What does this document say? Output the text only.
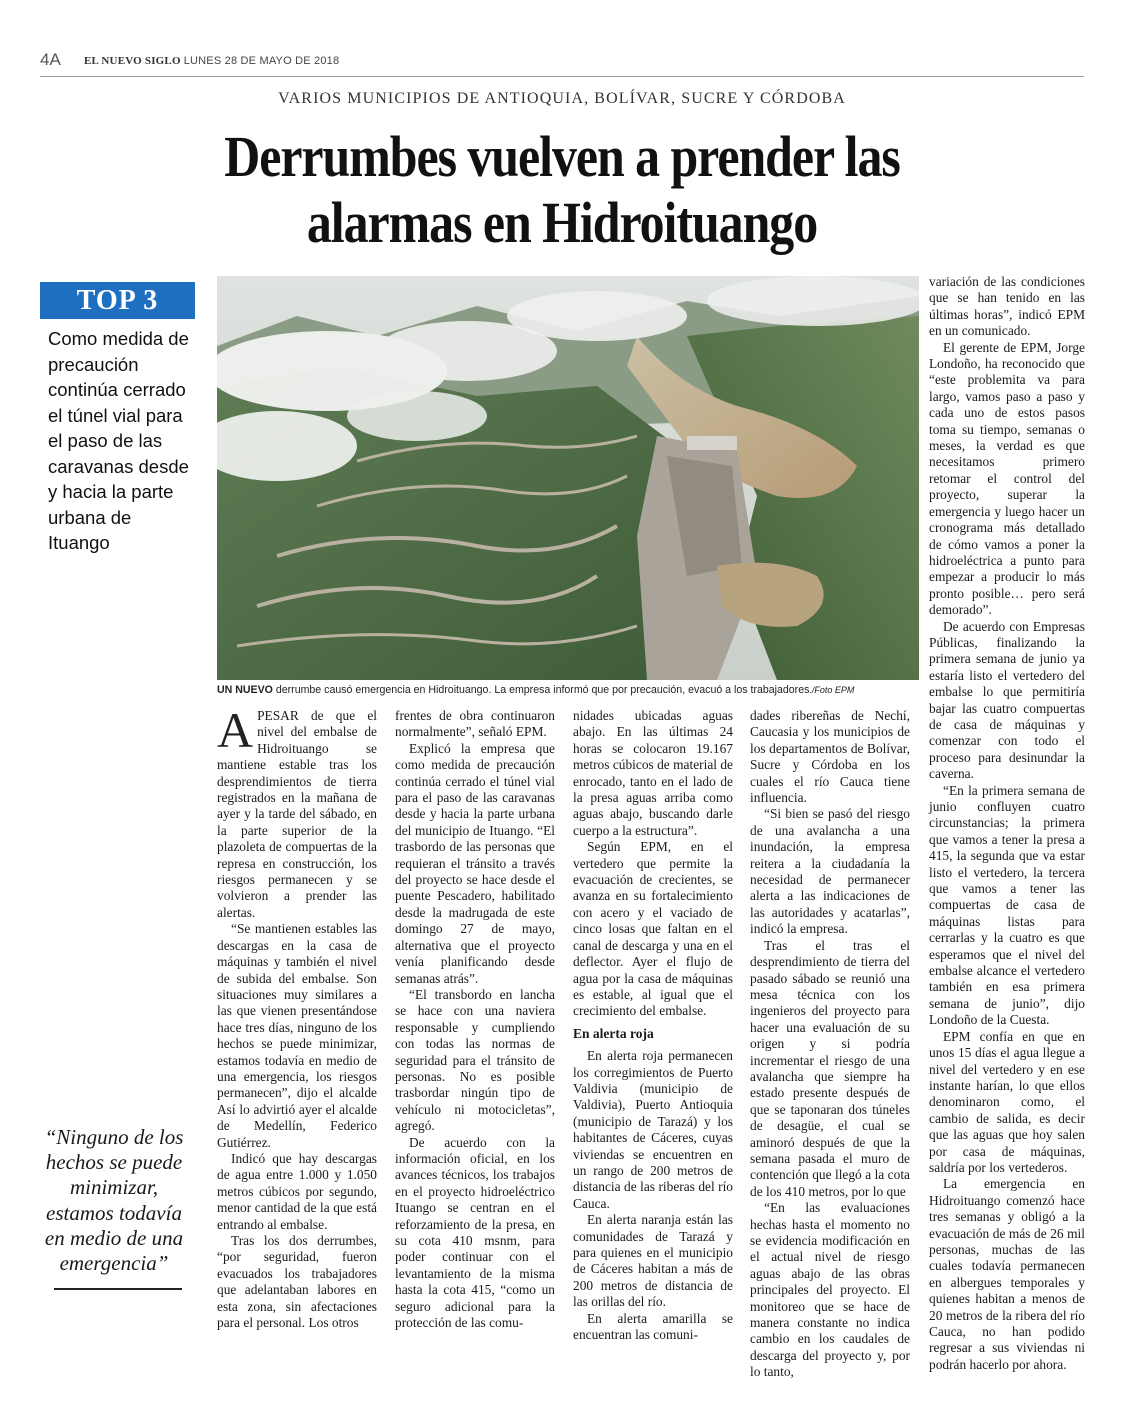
4A EL NUEVO SIGLO LUNES 28 DE MAYO DE 2018
VARIOS MUNICIPIOS DE ANTIOQUIA, BOLÍVAR, SUCRE Y CÓRDOBA
Derrumbes vuelven a prender las
alarmas en Hidroituango
TOP 3
Como medida de precaución continúa cerrado el túnel vial para el paso de las caravanas desde y hacia la parte urbana de Ituango
UN NUEVO derrumbe causó emergencia en Hidroituango. La empresa informó que por precaución, evacuó a los trabajadores./Foto EPM

APESAR de que el nivel del embalse de Hidroituango se mantiene estable tras los desprendimientos de tierra registrados en la mañana de ayer y la tarde del sábado, en la parte superior de la plazoleta de compuertas de la represa en construcción, los riesgos permanecen y se volvieron a prender las alertas.

“Se mantienen estables las descargas en la casa de máquinas y también el nivel de subida del embalse. Son situaciones muy similares a las que vienen presentándose hace tres días, ninguno de los hechos se puede minimizar, estamos todavía en medio de una emergencia, los riesgos permanecen”, dijo el alcalde Así lo advirtió ayer el alcalde de Medellín, Federico Gutiérrez.

Indicó que hay descargas de agua entre 1.000 y 1.050 metros cúbicos por segundo, menor cantidad de la que está entrando al embalse.

Tras los dos derrumbes, “por seguridad, fueron evacuados los trabajadores que adelantaban labores en esta zona, sin afectaciones para el personal. Los otros

frentes de obra continuaron normalmente”, señaló EPM.

Explicó la empresa que como medida de precaución continúa cerrado el túnel vial para el paso de las caravanas desde y hacia la parte urbana del municipio de Ituango. “El trasbordo de las personas que requieran el tránsito a través del proyecto se hace desde el puente Pescadero, habilitado desde la madrugada de este domingo 27 de mayo, alternativa que el proyecto venía planificando desde semanas atrás”.

“El transbordo en lancha se hace con una naviera responsable y cumpliendo con todas las normas de seguridad para el tránsito de personas. No es posible trasbordar ningún tipo de vehículo ni motocicletas”, agregó.

De acuerdo con la información oficial, en los avances técnicos, los trabajos en el proyecto hidroeléctrico Ituango se centran en el reforzamiento de la presa, en su cota 410 msnm, para poder continuar con el levantamiento de la misma hasta la cota 415, “como un seguro adicional para la protección de las comu-

nidades ubicadas aguas abajo. En las últimas 24 horas se colocaron 19.167 metros cúbicos de material de enrocado, tanto en el lado de la presa aguas arriba como aguas abajo, buscando darle cuerpo a la estructura”.

Según EPM, en el vertedero que permite la evacuación de crecientes, se avanza en su fortalecimiento con acero y el vaciado de cinco losas que faltan en el canal de descarga y una en el deflector. Ayer el flujo de agua por la casa de máquinas es estable, al igual que el crecimiento del embalse.

En alerta roja

En alerta roja permanecen los corregimientos de Puerto Valdivia (municipio de Valdivia), Puerto Antioquia (municipio de Tarazá) y los habitantes de Cáceres, cuyas viviendas se encuentren en un rango de 200 metros de distancia de las riberas del río Cauca.

En alerta naranja están las comunidades de Tarazá y para quienes en el municipio de Cáceres habitan a más de 200 metros de distancia de las orillas del río.

En alerta amarilla se encuentran las comuni-

dades ribereñas de Nechí, Caucasia y los municipios de los departamentos de Bolívar, Sucre y Córdoba en los cuales el río Cauca tiene influencia.

“Si bien se pasó del riesgo de una avalancha a una inundación, la empresa reitera a la ciudadanía la necesidad de permanecer alerta a las indicaciones de las autoridades y acatarlas”, indicó la empresa.

Tras el tras el desprendimiento de tierra del pasado sábado se reunió una mesa técnica con los ingenieros del proyecto para hacer una evaluación de su origen y si podría incrementar el riesgo de una avalancha que siempre ha estado presente después de que se taponaran dos túneles de desagüe, el cual se aminoró después de que la semana pasada el muro de contención que llegó a la cota de los 410 metros, por lo que

“En las evaluaciones hechas hasta el momento no se evidencia modificación en el actual nivel de riesgo aguas abajo de las obras principales del proyecto. El monitoreo que se hace de manera constante no indica cambio en los caudales de descarga del proyecto y, por lo tanto,

variación de las condiciones que se han tenido en las últimas horas”, indicó EPM en un comunicado.

El gerente de EPM, Jorge Londoño, ha reconocido que “este problemita va para largo, vamos paso a paso y cada uno de estos pasos toma su tiempo, semanas o meses, la verdad es que necesitamos primero retomar el control del proyecto, superar la emergencia y luego hacer un cronograma más detallado de cómo vamos a poner la hidroeléctrica a punto para empezar a producir lo más pronto posible… pero será demorado”.

De acuerdo con Empresas Públicas, finalizando la primera semana de junio ya estaría listo el vertedero del embalse lo que permitiría bajar las cuatro compuertas de casa de máquinas y comenzar con todo el proceso para desinundar la caverna.

“En la primera semana de junio confluyen cuatro circunstancias; la primera que vamos a tener la presa a 415, la segunda que va estar listo el vertedero, la tercera que vamos a tener las compuertas de casa de máquinas listas para cerrarlas y la cuatro es que esperamos que el nivel del embalse alcance el vertedero también en esa primera semana de junio”, dijo Londoño de la Cuesta.

EPM confía en que en unos 15 días el agua llegue a nivel del vertedero y en ese instante harían, lo que ellos denominaron como, el cambio de salida, es decir que las aguas que hoy salen por casa de máquinas, saldría por los vertederos.

La emergencia en Hidroituango comenzó hace tres semanas y obligó a la evacuación de más de 26 mil personas, muchas de las cuales todavía permanecen en albergues temporales y quienes habitan a menos de 20 metros de la ribera del río Cauca, no han podido regresar a sus viviendas ni podrán hacerlo por ahora.

“Ninguno de los hechos se puede minimizar, estamos todavía en medio de una emergencia”
